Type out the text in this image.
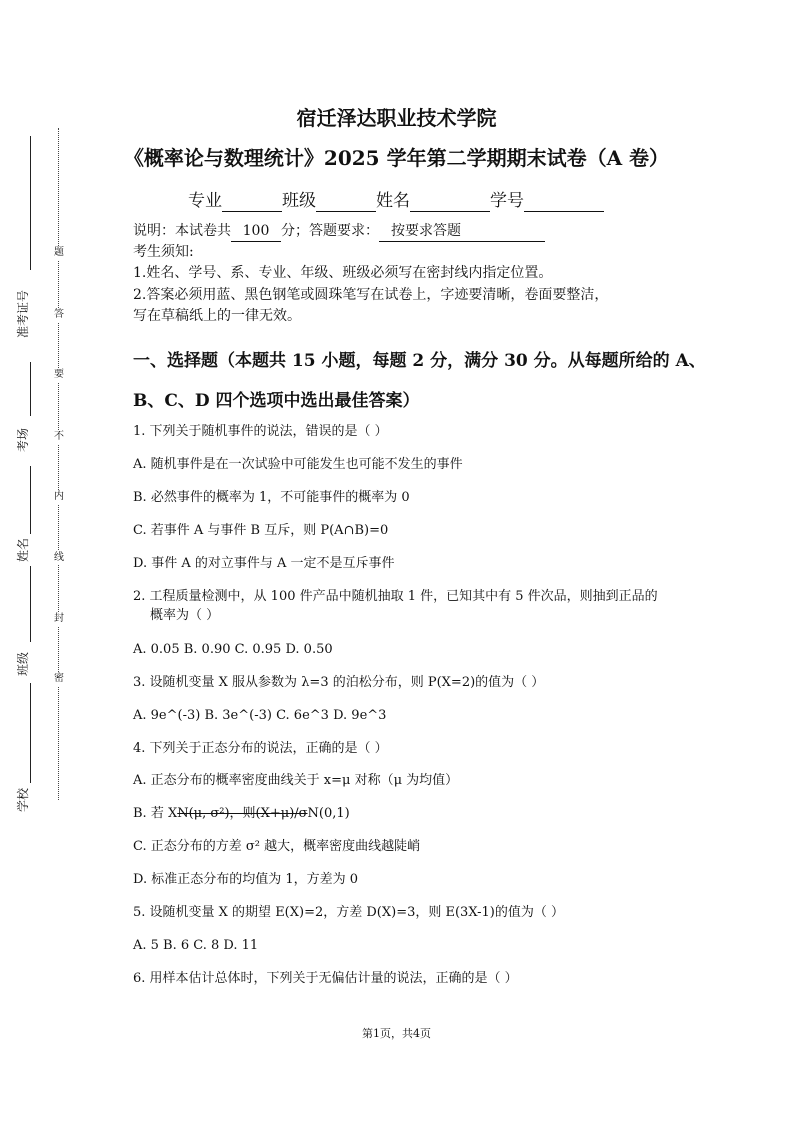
准考证号
考场
姓名
班级
学校
题
答
要
不
内
线
封
密
宿迁泽达职业技术学院
《概率论与数理统计》2025 学年第二学期期末试卷（A 卷）
专业	班级	姓名	学号
说明：本试卷共 100 分；答题要求： 按要求答题
考生须知:
1.姓名、学号、系、专业、年级、班级必须写在密封线内指定位置。
2.答案必须用蓝、黑色钢笔或圆珠笔写在试卷上，字迹要清晰，卷面要整洁，
写在草稿纸上的一律无效。
一、选择题（本题共 15 小题，每题 2 分，满分 30 分。从每题所给的 A、
B、C、D 四个选项中选出最佳答案）
1. 下列关于随机事件的说法，错误的是（ ）
A. 随机事件是在一次试验中可能发生也可能不发生的事件
B. 必然事件的概率为 1，不可能事件的概率为 0
C. 若事件 A 与事件 B 互斥，则 P(A∩B)=0
D. 事件 A 的对立事件与 A 一定不是互斥事件
2. 工程质量检测中，从 100 件产品中随机抽取 1 件，已知其中有 5 件次品，则抽到正品的
概率为（ ）
A. 0.05 B. 0.90 C. 0.95 D. 0.50
3. 设随机变量 X 服从参数为 λ=3 的泊松分布，则 P(X=2)的值为（ ）
A. 9e^(-3) B. 3e^(-3) C. 6e^3 D. 9e^3
4. 下列关于正态分布的说法，正确的是（ ）
A. 正态分布的概率密度曲线关于 x=μ 对称（μ 为均值）
B. 若 XN(μ, σ²)，则(X+μ)/σN(0,1)
C. 正态分布的方差 σ² 越大，概率密度曲线越陡峭
D. 标准正态分布的均值为 1，方差为 0
5. 设随机变量 X 的期望 E(X)=2，方差 D(X)=3，则 E(3X-1)的值为（ ）
A. 5 B. 6 C. 8 D. 11
6. 用样本估计总体时，下列关于无偏估计量的说法，正确的是（ ）
第1页，共4页
